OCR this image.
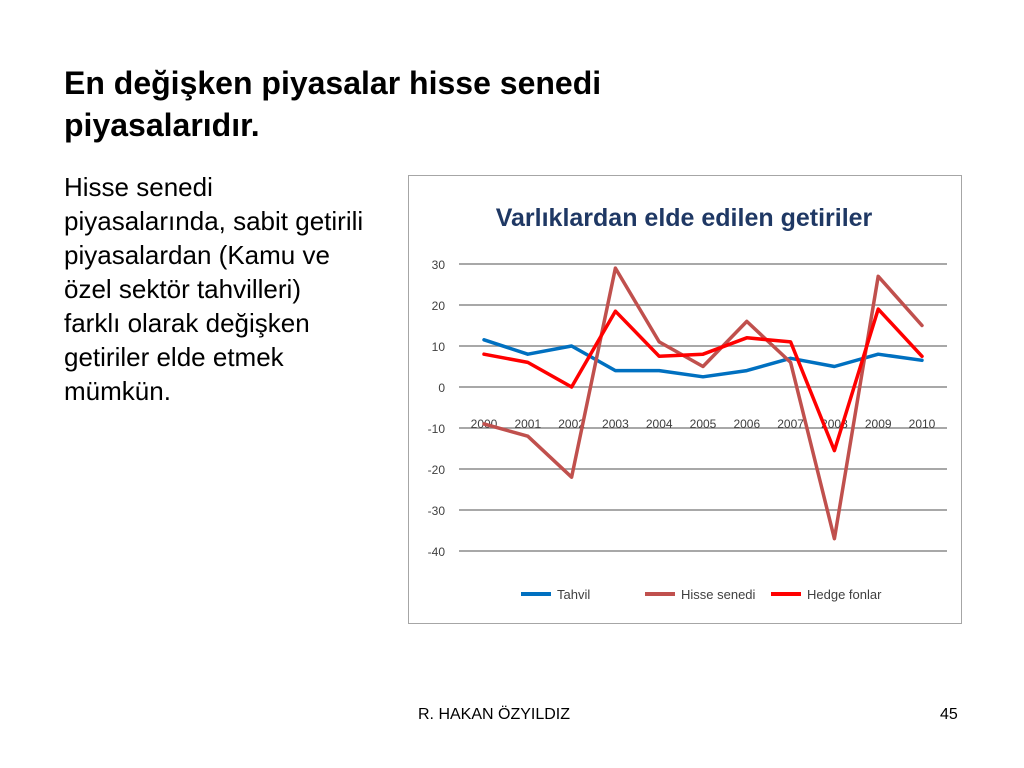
En değişken piyasalar hisse senedi piyasalarıdır.

Hisse senedi piyasalarında, sabit getirili piyasalardan (Kamu ve özel sektör tahvilleri) farklı olarak değişken getiriler elde etmek mümkün.

Varlıklardan elde edilen getiriler
30
20
10
0
-10
-20
-30
-40
2000 2001 2002 2003 2004 2005 2006 2007 2008 2009 2010
Tahvil	Hisse senedi	Hedge fonlar
R. HAKAN ÖZYILDIZ	45
